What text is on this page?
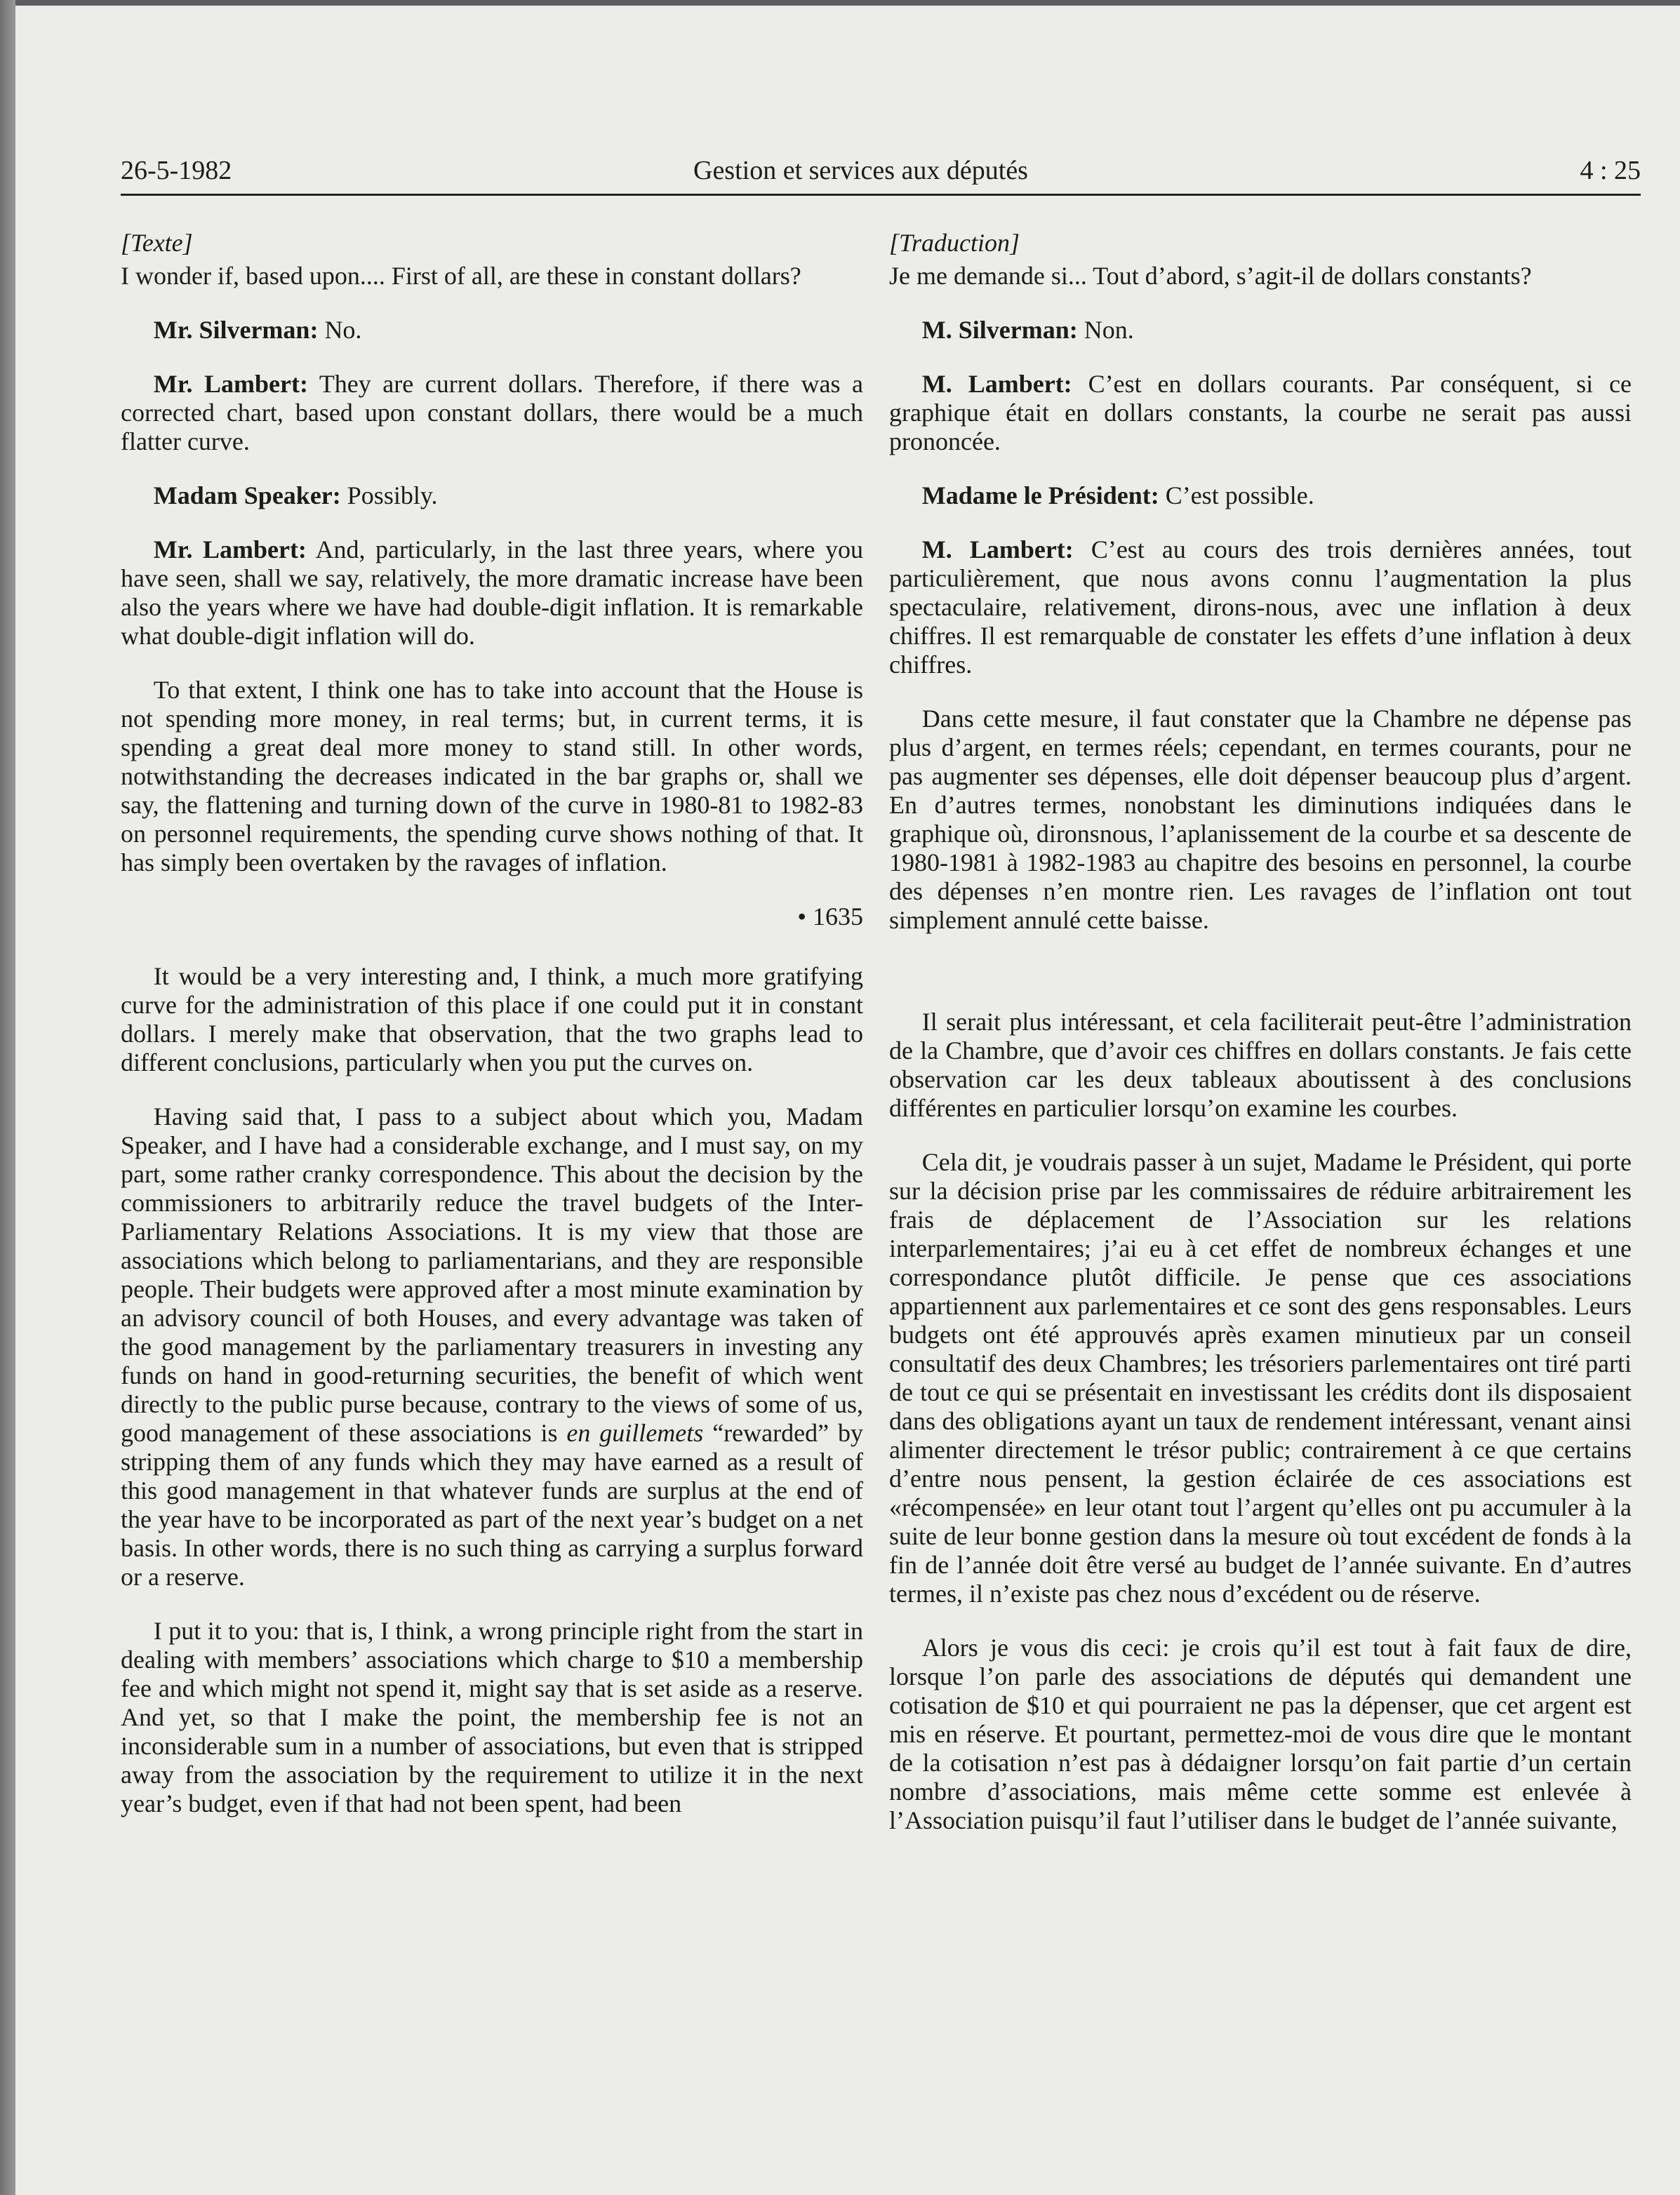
26-5-1982	Gestion et services aux députés	4 : 25

[Texte]

I wonder if, based upon.... First of all, are these in constant dollars?

Mr. Silverman: No.

Mr. Lambert: They are current dollars. Therefore, if there was a corrected chart, based upon constant dollars, there would be a much flatter curve.

Madam Speaker: Possibly.

Mr. Lambert: And, particularly, in the last three years, where you have seen, shall we say, relatively, the more dramatic increase have been also the years where we have had double-digit inflation. It is remarkable what double-digit inflation will do.

To that extent, I think one has to take into account that the House is not spending more money, in real terms; but, in current terms, it is spending a great deal more money to stand still. In other words, notwithstanding the decreases indicated in the bar graphs or, shall we say, the flattening and turning down of the curve in 1980-81 to 1982-83 on personnel requirements, the spending curve shows nothing of that. It has simply been overtaken by the ravages of inflation.

• 1635

It would be a very interesting and, I think, a much more gratifying curve for the administration of this place if one could put it in constant dollars. I merely make that observation, that the two graphs lead to different conclusions, particularly when you put the curves on.

Having said that, I pass to a subject about which you, Madam Speaker, and I have had a considerable exchange, and I must say, on my part, some rather cranky correspondence. This about the decision by the commissioners to arbitrarily reduce the travel budgets of the Inter-Parliamentary Relations Associations. It is my view that those are associations which belong to parliamentarians, and they are responsible people. Their budgets were approved after a most minute examination by an advisory council of both Houses, and every advantage was taken of the good management by the parliamentary treasurers in investing any funds on hand in good-returning securities, the benefit of which went directly to the public purse because, contrary to the views of some of us, good management of these associations is en guillemets “rewarded” by stripping them of any funds which they may have earned as a result of this good management in that whatever funds are surplus at the end of the year have to be incorporated as part of the next year’s budget on a net basis. In other words, there is no such thing as carrying a surplus forward or a reserve.

I put it to you: that is, I think, a wrong principle right from the start in dealing with members’ associations which charge to $10 a membership fee and which might not spend it, might say that is set aside as a reserve. And yet, so that I make the point, the membership fee is not an inconsiderable sum in a number of associations, but even that is stripped away from the association by the requirement to utilize it in the next year’s budget, even if that had not been spent, had been

[Traduction]

Je me demande si... Tout d’abord, s’agit-il de dollars constants?

M. Silverman: Non.

M. Lambert: C’est en dollars courants. Par conséquent, si ce graphique était en dollars constants, la courbe ne serait pas aussi prononcée.

Madame le Président: C’est possible.

M. Lambert: C’est au cours des trois dernières années, tout particulièrement, que nous avons connu l’augmentation la plus spectaculaire, relativement, dirons-nous, avec une inflation à deux chiffres. Il est remarquable de constater les effets d’une inflation à deux chiffres.

Dans cette mesure, il faut constater que la Chambre ne dépense pas plus d’argent, en termes réels; cependant, en termes courants, pour ne pas augmenter ses dépenses, elle doit dépenser beaucoup plus d’argent. En d’autres termes, nonobstant les diminutions indiquées dans le graphique où, dironsnous, l’aplanissement de la courbe et sa descente de 1980-1981 à 1982-1983 au chapitre des besoins en personnel, la courbe des dépenses n’en montre rien. Les ravages de l’inflation ont tout simplement annulé cette baisse.

Il serait plus intéressant, et cela faciliterait peut-être l’administration de la Chambre, que d’avoir ces chiffres en dollars constants. Je fais cette observation car les deux tableaux aboutissent à des conclusions différentes en particulier lorsqu’on examine les courbes.

Cela dit, je voudrais passer à un sujet, Madame le Président, qui porte sur la décision prise par les commissaires de réduire arbitrairement les frais de déplacement de l’Association sur les relations interparlementaires; j’ai eu à cet effet de nombreux échanges et une correspondance plutôt difficile. Je pense que ces associations appartiennent aux parlementaires et ce sont des gens responsables. Leurs budgets ont été approuvés après examen minutieux par un conseil consultatif des deux Chambres; les trésoriers parlementaires ont tiré parti de tout ce qui se présentait en investissant les crédits dont ils disposaient dans des obligations ayant un taux de rendement intéressant, venant ainsi alimenter directement le trésor public; contrairement à ce que certains d’entre nous pensent, la gestion éclairée de ces associations est «récompensée» en leur otant tout l’argent qu’elles ont pu accumuler à la suite de leur bonne gestion dans la mesure où tout excédent de fonds à la fin de l’année doit être versé au budget de l’année suivante. En d’autres termes, il n’existe pas chez nous d’excédent ou de réserve.

Alors je vous dis ceci: je crois qu’il est tout à fait faux de dire, lorsque l’on parle des associations de députés qui demandent une cotisation de $10 et qui pourraient ne pas la dépenser, que cet argent est mis en réserve. Et pourtant, permettez-moi de vous dire que le montant de la cotisation n’est pas à dédaigner lorsqu’on fait partie d’un certain nombre d’associations, mais même cette somme est enlevée à l’Association puisqu’il faut l’utiliser dans le budget de l’année suivante,
